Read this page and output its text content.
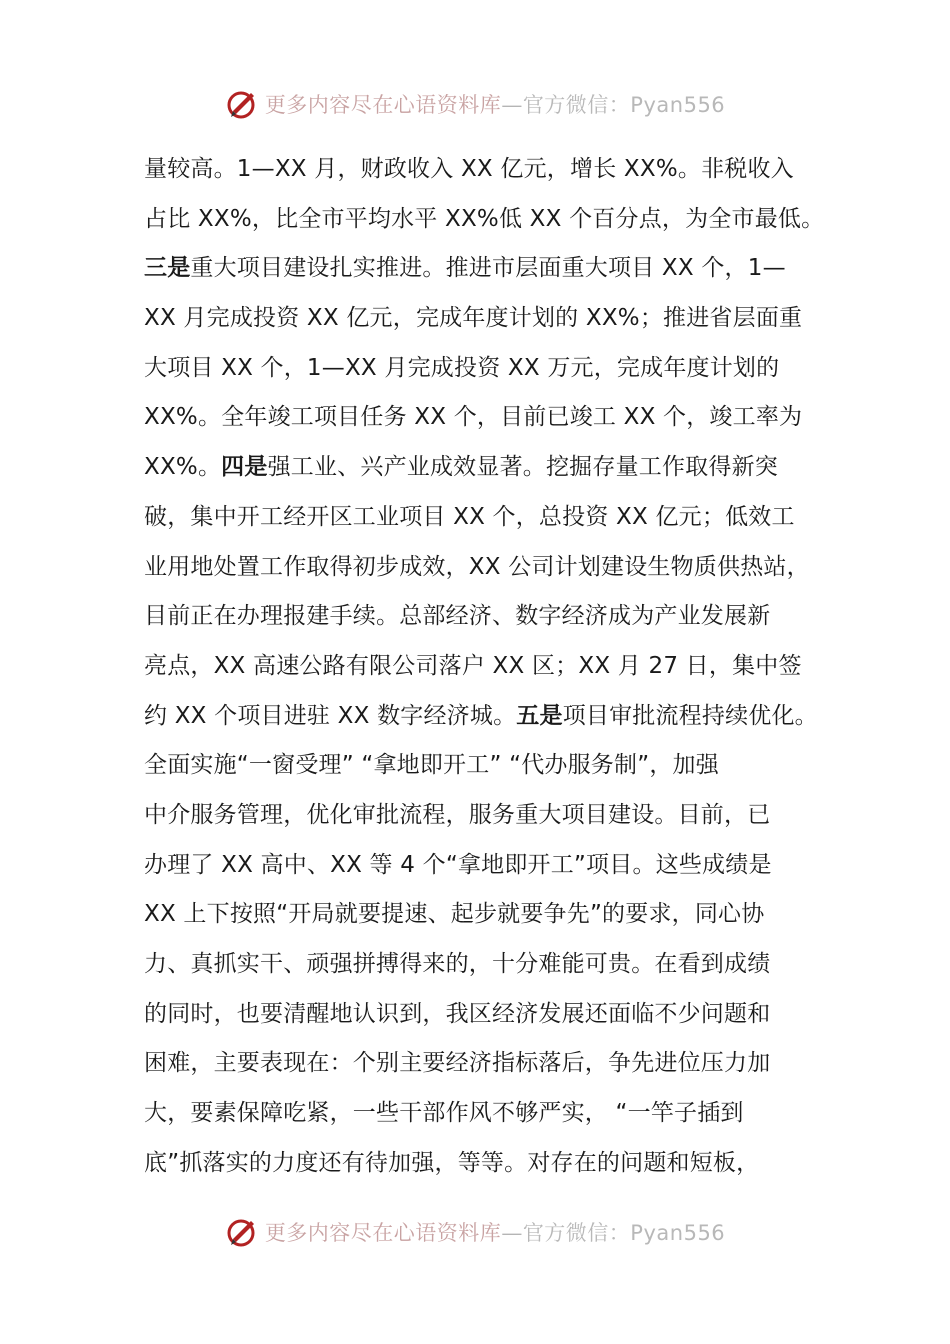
更多内容尽在心语资料库—官方微信：Pyan556
量较高。1—XX 月，财政收入 XX 亿元，增长 XX%。非税收入
占比 XX%，比全市平均水平 XX%低 XX 个百分点，为全市最低。
三是重大项目建设扎实推进。推进市层面重大项目 XX 个，1—
XX 月完成投资 XX 亿元，完成年度计划的 XX%；推进省层面重
大项目 XX 个，1—XX 月完成投资 XX 万元，完成年度计划的
XX%。全年竣工项目任务 XX 个，目前已竣工 XX 个，竣工率为
XX%。四是强工业、兴产业成效显著。挖掘存量工作取得新突
破，集中开工经开区工业项目 XX 个，总投资 XX 亿元；低效工
业用地处置工作取得初步成效，XX 公司计划建设生物质供热站，
目前正在办理报建手续。总部经济、数字经济成为产业发展新
亮点，XX 高速公路有限公司落户 XX 区；XX 月 27 日，集中签
约 XX 个项目进驻 XX 数字经济城。五是项目审批流程持续优化。
全面实施“一窗受理” “拿地即开工” “代办服务制”，加强
中介服务管理，优化审批流程，服务重大项目建设。目前，已
办理了 XX 高中、XX 等 4 个“拿地即开工”项目。这些成绩是
XX 上下按照“开局就要提速、起步就要争先”的要求，同心协
力、真抓实干、顽强拼搏得来的，十分难能可贵。在看到成绩
的同时，也要清醒地认识到，我区经济发展还面临不少问题和
困难，主要表现在：个别主要经济指标落后，争先进位压力加
大，要素保障吃紧，一些干部作风不够严实， “一竿子插到
底”抓落实的力度还有待加强，等等。对存在的问题和短板，
更多内容尽在心语资料库—官方微信：Pyan556
